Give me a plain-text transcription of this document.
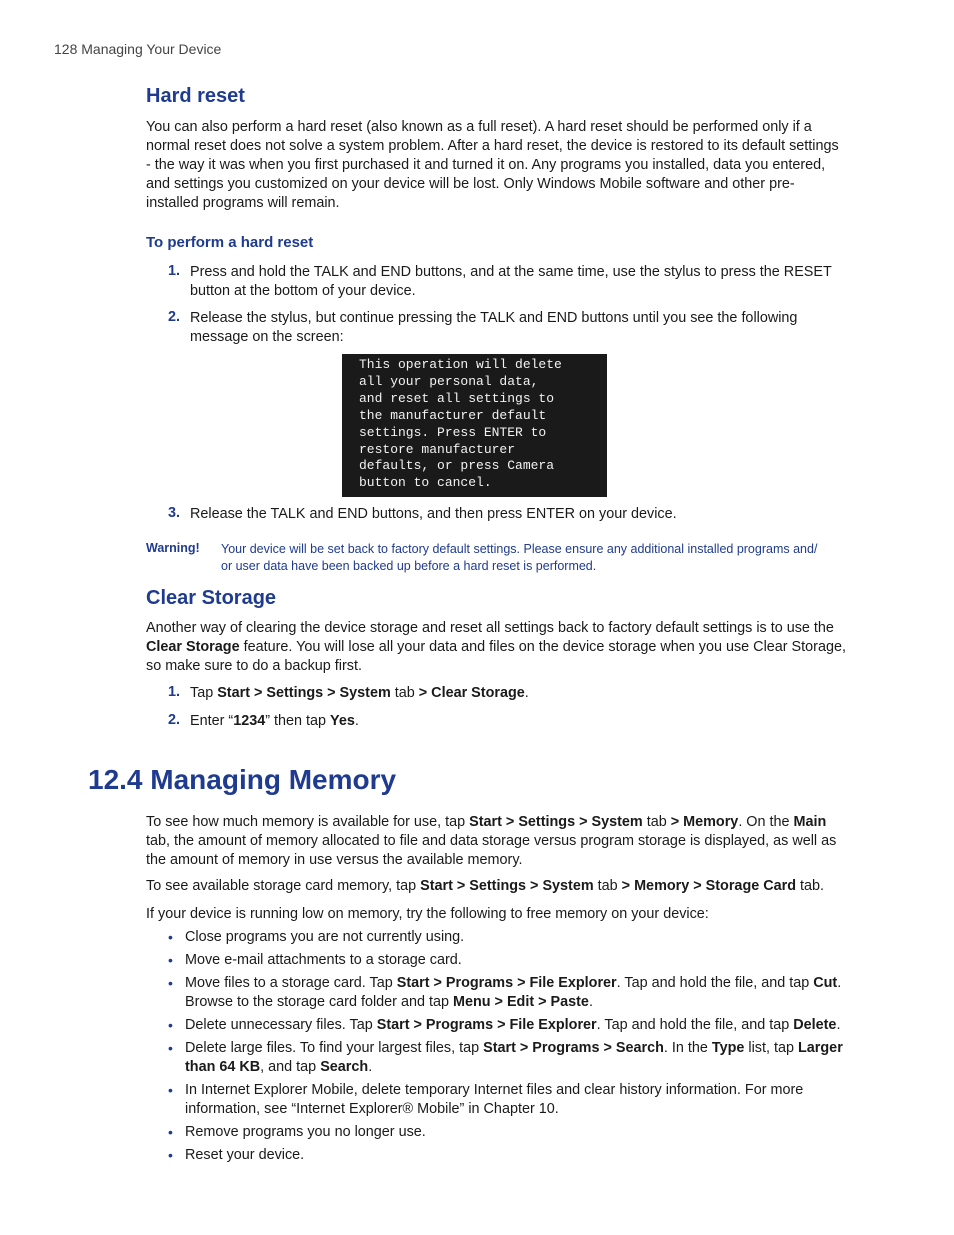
128 Managing Your Device
Hard reset
You can also perform a hard reset (also known as a full reset). A hard reset should be performed only if a
normal reset does not solve a system problem. After a hard reset, the device is restored to its default settings
- the way it was when you first purchased it and turned it on. Any programs you installed, data you entered,
and settings you customized on your device will be lost. Only Windows Mobile software and other pre-
installed programs will remain.
To perform a hard reset
1. Press and hold the TALK and END buttons, and at the same time, use the stylus to press the RESET
button at the bottom of your device.
2. Release the stylus, but continue pressing the TALK and END buttons until you see the following
message on the screen:
This operation will delete
all your personal data,
and reset all settings to
the manufacturer default
settings. Press ENTER to
restore manufacturer
defaults, or press Camera
button to cancel.
3. Release the TALK and END buttons, and then press ENTER on your device.
Warning! Your device will be set back to factory default settings. Please ensure any additional installed programs and/
or user data have been backed up before a hard reset is performed.
Clear Storage
Another way of clearing the device storage and reset all settings back to factory default settings is to use the
Clear Storage feature. You will lose all your data and files on the device storage when you use Clear Storage,
so make sure to do a backup first.
1. Tap Start > Settings > System tab > Clear Storage.
2. Enter “1234” then tap Yes.
12.4 Managing Memory
To see how much memory is available for use, tap Start > Settings > System tab > Memory. On the Main
tab, the amount of memory allocated to file and data storage versus program storage is displayed, as well as
the amount of memory in use versus the available memory.
To see available storage card memory, tap Start > Settings > System tab > Memory > Storage Card tab.
If your device is running low on memory, try the following to free memory on your device:
• Close programs you are not currently using.
• Move e-mail attachments to a storage card.
• Move files to a storage card. Tap Start > Programs > File Explorer. Tap and hold the file, and tap Cut.
Browse to the storage card folder and tap Menu > Edit > Paste.
• Delete unnecessary files. Tap Start > Programs > File Explorer. Tap and hold the file, and tap Delete.
• Delete large files. To find your largest files, tap Start > Programs > Search. In the Type list, tap Larger
than 64 KB, and tap Search.
• In Internet Explorer Mobile, delete temporary Internet files and clear history information. For more
information, see “Internet Explorer® Mobile” in Chapter 10.
• Remove programs you no longer use.
• Reset your device.
